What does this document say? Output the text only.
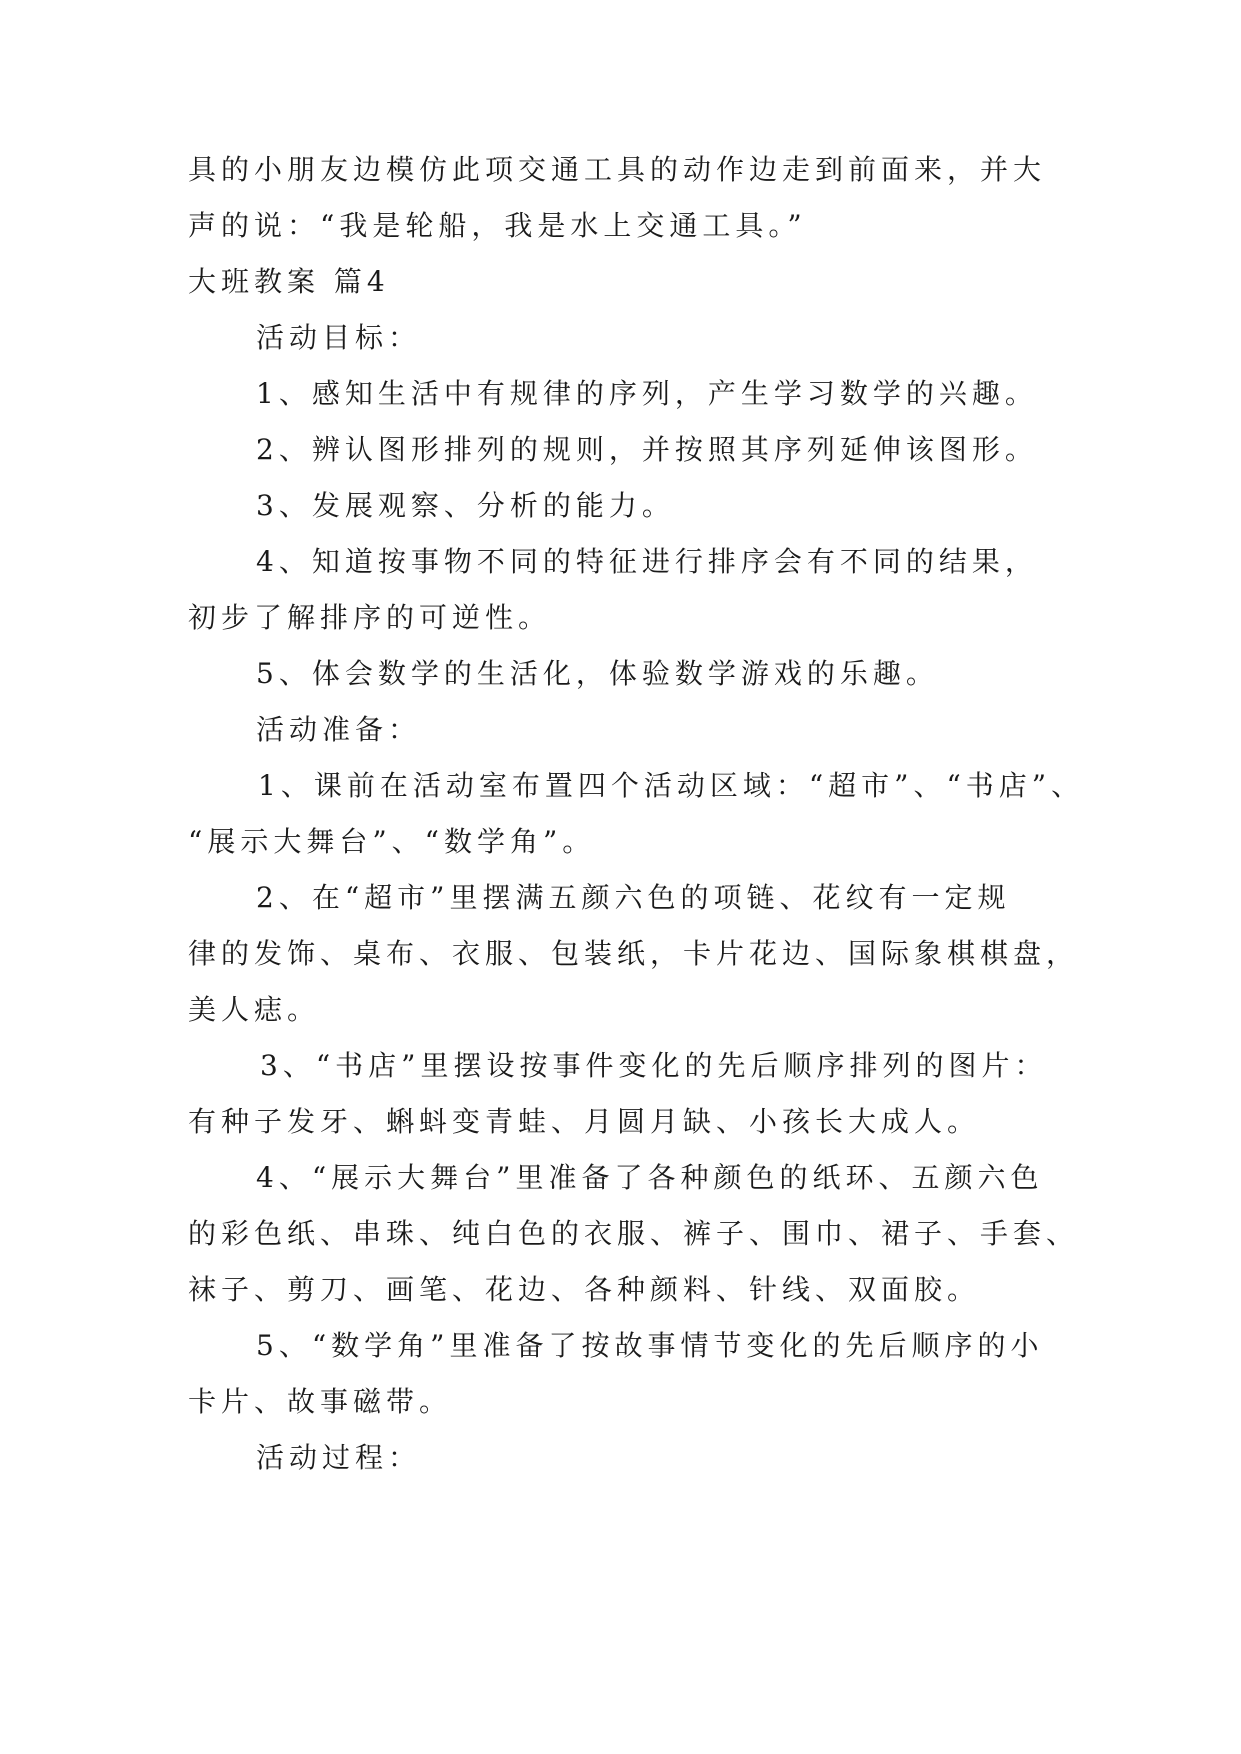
具的小朋友边模仿此项交通工具的动作边走到前面来，并大

声的说：“我是轮船，我是水上交通工具。”

大班教案 篇4

活动目标：

1、感知生活中有规律的序列，产生学习数学的兴趣。

2、辨认图形排列的规则，并按照其序列延伸该图形。

3、发展观察、分析的能力。

4、知道按事物不同的特征进行排序会有不同的结果，

初步了解排序的可逆性。

5、体会数学的生活化，体验数学游戏的乐趣。

活动准备：

1、课前在活动室布置四个活动区域：“超市”、“书店”、

“展示大舞台”、“数学角”。

2、在“超市”里摆满五颜六色的项链、花纹有一定规

律的发饰、桌布、衣服、包装纸，卡片花边、国际象棋棋盘，

美人痣。

3、“书店”里摆设按事件变化的先后顺序排列的图片：

有种子发牙、蝌蚪变青蛙、月圆月缺、小孩长大成人。

4、“展示大舞台”里准备了各种颜色的纸环、五颜六色

的彩色纸、串珠、纯白色的衣服、裤子、围巾、裙子、手套、

袜子、剪刀、画笔、花边、各种颜料、针线、双面胶。

5、“数学角”里准备了按故事情节变化的先后顺序的小

卡片、故事磁带。

活动过程：
